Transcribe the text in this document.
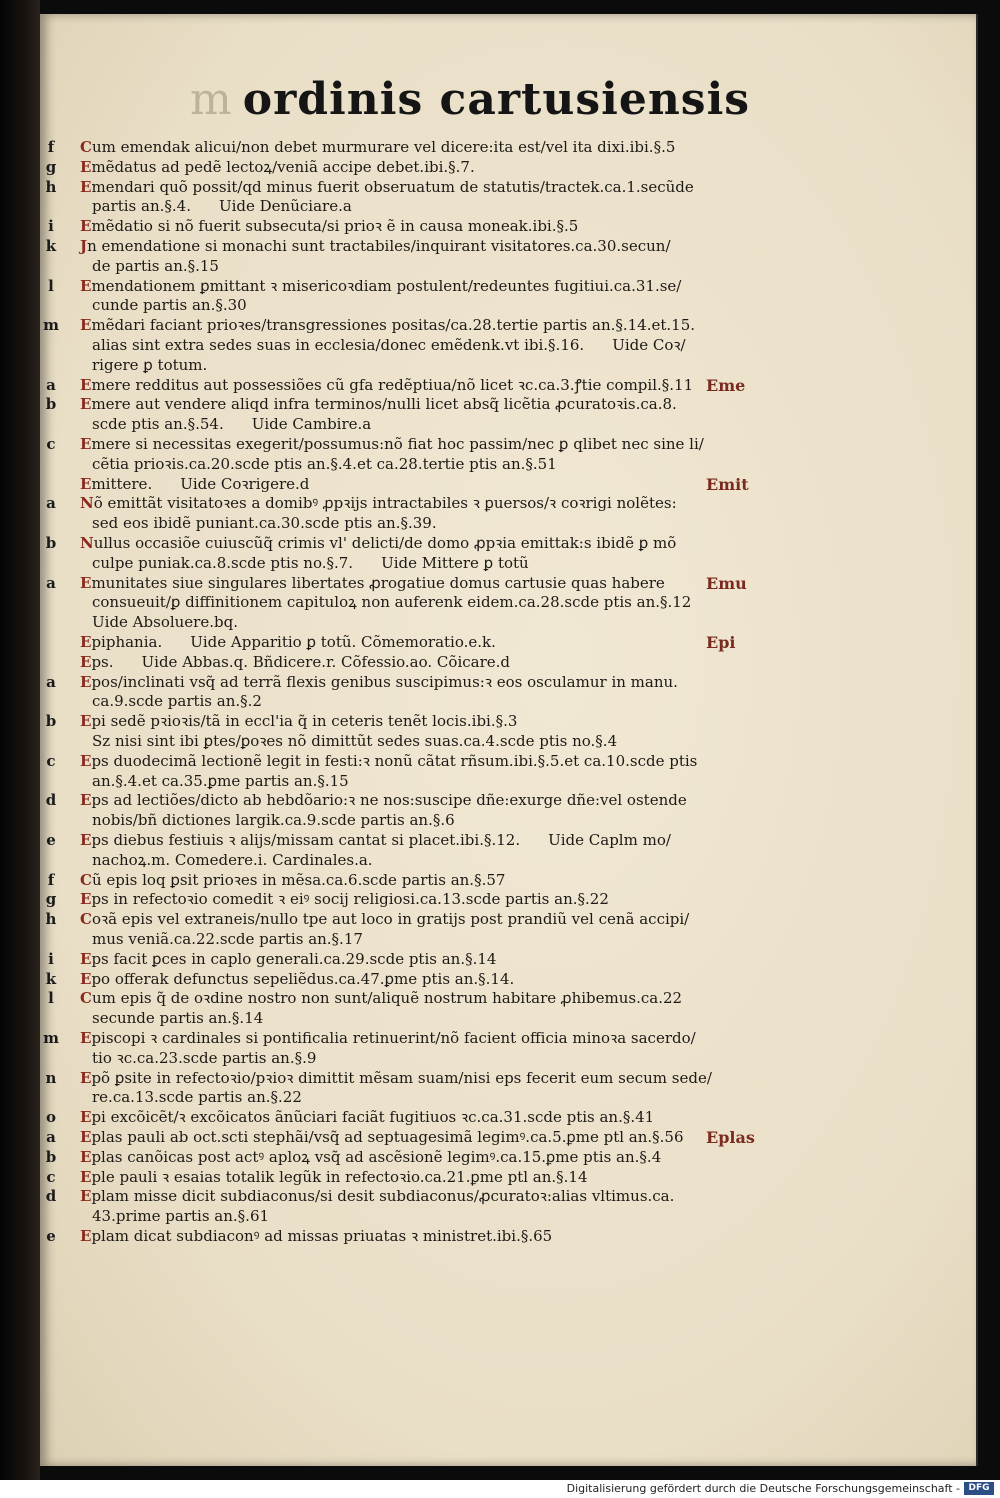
m ordinis cartusiensis
f	Cum emendak alicui/non debet murmurare vel dicere:ita est/vel ita dixi.ibi.§.5
g	Emẽdatus ad pedẽ lectoꝝ/veniã accipe debet.ibi.§.7.
h	Emendari quõ possit/qd minus fuerit obseruatum de statutis/tractek.ca.1.secũde
partis an.§.4. Uide Denũciare.a
i	Emẽdatio si nõ fuerit subsecuta/si prioꝛ ẽ in causa moneak.ibi.§.5
k	Jn emendatione si monachi sunt tractabiles/inquirant visitatores.ca.30.secun/
de partis an.§.15
l	Emendationem ꝑmittant ꝛ misericoꝛdiam postulent/redeuntes fugitiui.ca.31.se/
cunde partis an.§.30
m Emẽdari faciant prioꝛes/transgressiones positas/ca.28.tertie partis an.§.14.et.15.
alias sint extra sedes suas in ecclesia/donec emẽdenk.vt ibi.§.16. Uide Coꝛ/
rigere ꝑ totum.
a	Emere redditus aut possessiões cũ gfa redẽptiua/nõ licet ꝛc.ca.3.ꝭtie compil.§.11
b	Emere aut vendere aliqd infra terminos/nulli licet absq̃ licẽtia ꝓcuratoꝛis.ca.8.
scde ptis an.§.54. Uide Cambire.a
c	Emere si necessitas exegerit/possumus:nõ fiat hoc passim/nec ꝑ qlibet nec sine li/
cẽtia prioꝛis.ca.20.scde ptis an.§.4.et ca.28.tertie ptis an.§.51
Emittere. Uide Coꝛrigere.d
a	Nõ emittãt visitatoꝛes a domibꝰ ꝓpꝛijs intractabiles ꝛ ꝑuersos/ꝛ coꝛrigi nolẽtes:
sed eos ibidẽ puniant.ca.30.scde ptis an.§.39.
b	Nullus occasiõe cuiuscũq̃ crimis vl' delicti/de domo ꝓpꝛia emittak:s ibidẽ ꝑ mõ
culpe puniak.ca.8.scde ptis no.§.7. Uide Mittere ꝑ totũ
a	Emunitates siue singulares libertates ꝓrogatiue domus cartusie quas habere
consueuit/ꝑ diffinitionem capituloꝝ non auferenk eidem.ca.28.scde ptis an.§.12
Uide Absoluere.bq.
Epiphania. Uide Apparitio ꝑ totũ. Cõmemoratio.e.k.
Eps. Uide Abbas.q. Bñdicere.r. Cõfessio.ao. Cõicare.d
a	Epos/inclinati vsq̃ ad terrã flexis genibus suscipimus:ꝛ eos osculamur in manu.
ca.9.scde partis an.§.2
b	Epi sedẽ pꝛioꝛis/tã in eccl'ia q̃ in ceteris tenẽt locis.ibi.§.3
Sz nisi sint ibi ꝑtes/ꝑoꝛes nõ dimittũt sedes suas.ca.4.scde ptis no.§.4
c	Eps duodecimã lectionẽ legit in festi:ꝛ nonũ cãtat rñsum.ibi.§.5.et ca.10.scde ptis
an.§.4.et ca.35.ꝑme partis an.§.15
d	Eps ad lectiões/dicto ab hebdõario:ꝛ ne nos:suscipe dñe:exurge dñe:vel ostende
nobis/bñ dictiones largik.ca.9.scde partis an.§.6
e	Eps diebus festiuis ꝛ alijs/missam cantat si placet.ibi.§.12. Uide Caplm mo/
nachoꝝ.m. Comedere.i. Cardinales.a.
f	Cũ epis loq ꝑsit prioꝛes in mẽsa.ca.6.scde partis an.§.57
g	Eps in refectoꝛio comedit ꝛ eiꝰ socij religiosi.ca.13.scde partis an.§.22
h	Coꝛã epis vel extraneis/nullo tpe aut loco in gratijs post prandiũ vel cenã accipi/
mus veniã.ca.22.scde partis an.§.17
i	Eps facit ꝑces in caplo generali.ca.29.scde ptis an.§.14
k	Epo offerak defunctus sepeliẽdus.ca.47.ꝑme ptis an.§.14.
l	Cum epis q̃ de oꝛdine nostro non sunt/aliquẽ nostrum habitare ꝓhibemus.ca.22
secunde partis an.§.14
m Episcopi ꝛ cardinales si pontificalia retinuerint/nõ facient officia minoꝛa sacerdo/
tio ꝛc.ca.23.scde partis an.§.9
n	Epõ ꝑsite in refectoꝛio/pꝛioꝛ dimittit mẽsam suam/nisi eps fecerit eum secum sede/
re.ca.13.scde partis an.§.22
o	Epi excõicẽt/ꝛ excõicatos ãnũciari faciãt fugitiuos ꝛc.ca.31.scde ptis an.§.41
a	Eplas pauli ab oct.scti stephãi/vsq̃ ad septuagesimã legimꝰ.ca.5.ꝑme ptl an.§.56
b	Eplas canõicas post actꝰ aploꝝ vsq̃ ad ascẽsionẽ legimꝰ.ca.15.ꝑme ptis an.§.4
c	Eple pauli ꝛ esaias totalik legũk in refectoꝛio.ca.21.ꝑme ptl an.§.14
d	Eplam misse dicit subdiaconus/si desit subdiaconus/ꝓcuratoꝛ:alias vltimus.ca.
43.prime partis an.§.61
e	Eplam dicat subdiaconꝰ ad missas priuatas ꝛ ministret.ibi.§.65
Eme
Emit
Emu
Epi
Eplas
Digitalisierung gefördert durch die Deutsche Forschungsgemeinschaft - DFG
